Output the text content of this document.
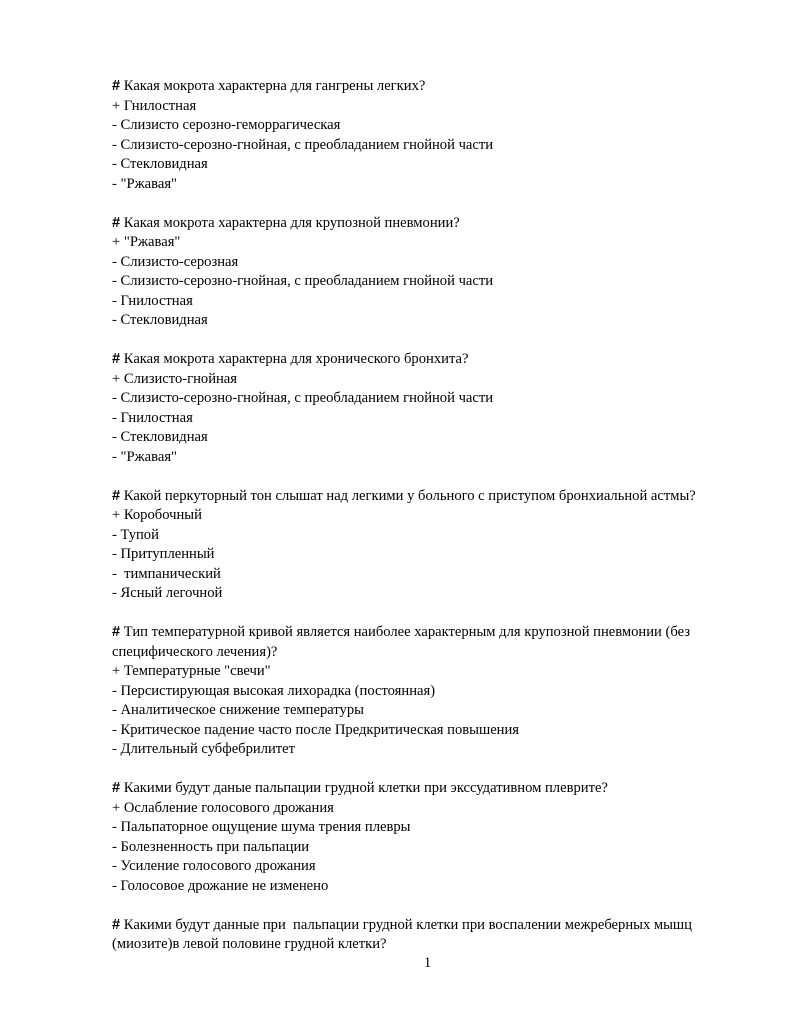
# Какая мокрота характерна для гангрены легких?
+ Гнилостная
- Слизисто серозно-геморрагическая
- Слизисто-серозно-гнойная, с преобладанием гнойной части
- Стекловидная
- "Ржавая"
# Какая мокрота характерна для крупозной пневмонии?
+ "Ржавая"
- Слизисто-серозная
- Слизисто-серозно-гнойная, с преобладанием гнойной части
- Гнилостная
- Стекловидная
# Какая мокрота характерна для хронического бронхита?
+ Слизисто-гнойная
- Слизисто-серозно-гнойная, с преобладанием гнойной части
- Гнилостная
- Стекловидная
- "Ржавая"
# Какой перкуторный тон слышат над легкими у больного с приступом бронхиальной астмы?
+ Коробочный
- Тупой
- Притупленный
-  тимпанический
- Ясный легочной
# Тип температурной кривой является наиболее характерным для крупозной пневмонии (без специфического лечения)?
+ Температурные "свечи"
- Персистирующая высокая лихорадка (постоянная)
- Аналитическое снижение температуры
- Критическое падение часто после Предкритическая повышения
- Длительный субфебрилитет
# Какими будут даные пальпации грудной клетки при экссудативном плеврите?
+ Ослабление голосового дрожания
- Пальпаторное ощущение шума трения плевры
- Болезненность при пальпации
- Усиление голосового дрожания
- Голосовое дрожание не изменено
# Какими будут данные при  пальпации грудной клетки при воспалении межреберных мышц (миозите)в левой половине грудной клетки?
1
